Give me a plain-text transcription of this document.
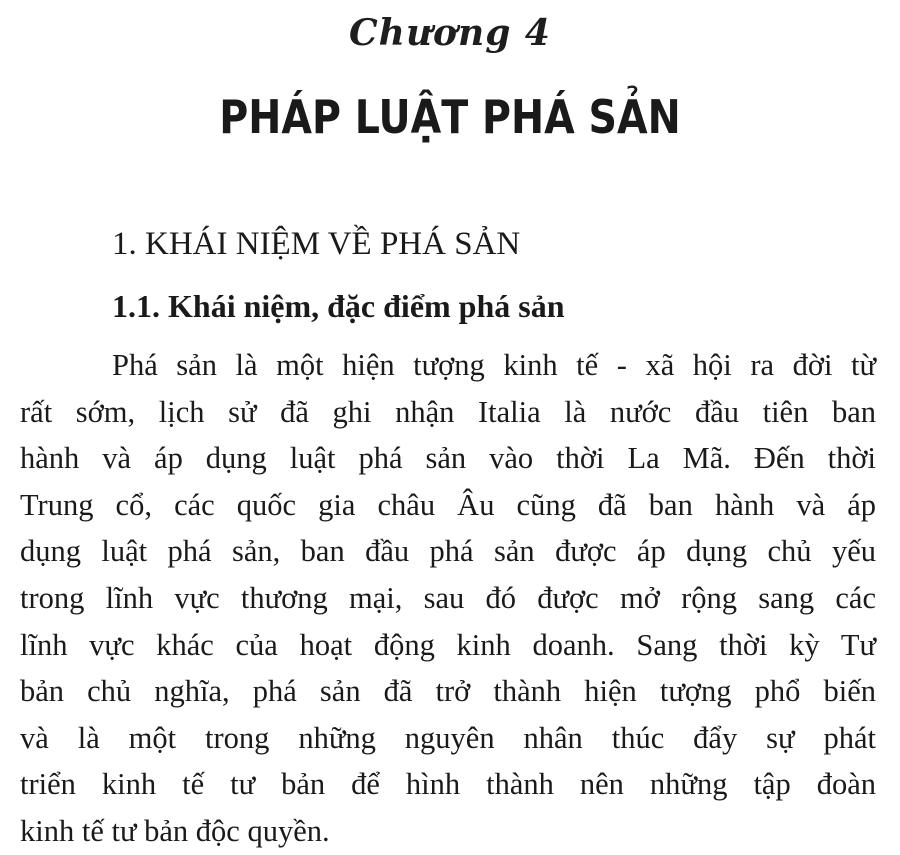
Chương 4
PHÁP LUẬT PHÁ SẢN
1. KHÁI NIỆM VỀ PHÁ SẢN
1.1. Khái niệm, đặc điểm phá sản
Phá sản là một hiện tượng kinh tế - xã hội ra đời từ
rất sớm, lịch sử đã ghi nhận Italia là nước đầu tiên ban
hành và áp dụng luật phá sản vào thời La Mã. Đến thời
Trung cổ, các quốc gia châu Âu cũng đã ban hành và áp
dụng luật phá sản, ban đầu phá sản được áp dụng chủ yếu
trong lĩnh vực thương mại, sau đó được mở rộng sang các
lĩnh vực khác của hoạt động kinh doanh. Sang thời kỳ Tư
bản chủ nghĩa, phá sản đã trở thành hiện tượng phổ biến
và là một trong những nguyên nhân thúc đẩy sự phát
triển kinh tế tư bản để hình thành nên những tập đoàn
kinh tế tư bản độc quyền.
